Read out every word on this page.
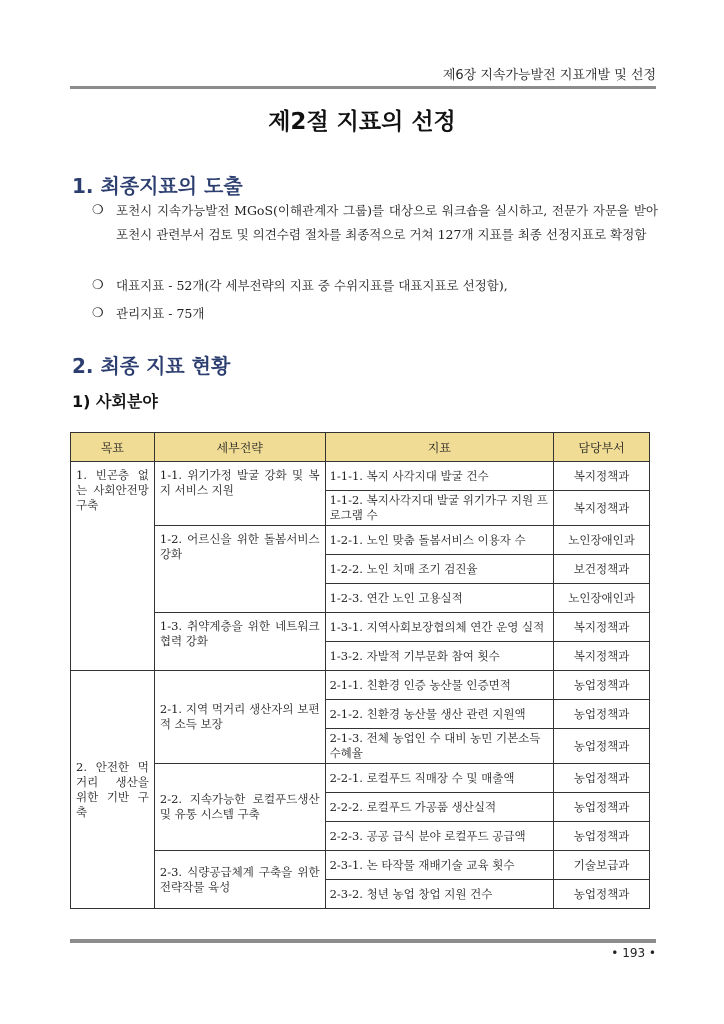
제6장 지속가능발전 지표개발 및 선정
제2절 지표의 선정
1. 최종지표의 도출
❍ 포천시 지속가능발전 MGoS(이해관계자 그룹)를 대상으로 워크숍을 실시하고, 전문가 자문을 받아 포천시 관련부서 검토 및 의견수렴 절차를 최종적으로 거쳐 127개 지표를 최종 선정지표로 확정함
❍ 대표지표 - 52개(각 세부전략의 지표 중 수위지표를 대표지표로 선정함),
❍ 관리지표 - 75개
2. 최종 지표 현황
1) 사회분야
목표	세부전략	지표	담당부서
1. 빈곤층 없는 사회안전망 구축	1-1. 위기가정 발굴 강화 및 복지 서비스 지원	1-1-1. 복지 사각지대 발굴 건수	복지정책과
		1-1-2. 복지사각지대 발굴 위기가구 지원 프로그램 수	복지정책과
	1-2. 어르신을 위한 돌봄서비스 강화	1-2-1. 노인 맞춤 돌봄서비스 이용자 수	노인장애인과
		1-2-2. 노인 치매 조기 검진율	보건정책과
		1-2-3. 연간 노인 고용실적	노인장애인과
	1-3. 취약계층을 위한 네트워크 협력 강화	1-3-1. 지역사회보장협의체 연간 운영 실적	복지정책과
		1-3-2. 자발적 기부문화 참여 횟수	복지정책과
2. 안전한 먹거리 생산을 위한 기반 구축	2-1. 지역 먹거리 생산자의 보편적 소득 보장	2-1-1. 친환경 인증 농산물 인증면적	농업정책과
		2-1-2. 친환경 농산물 생산 관련 지원액	농업정책과
		2-1-3. 전체 농업인 수 대비 농민 기본소득 수혜율	농업정책과
	2-2. 지속가능한 로컬푸드생산 및 유통 시스템 구축	2-2-1. 로컬푸드 직매장 수 및 매출액	농업정책과
		2-2-2. 로컬푸드 가공품 생산실적	농업정책과
		2-2-3. 공공 급식 분야 로컬푸드 공급액	농업정책과
	2-3. 식량공급체계 구축을 위한 전략작물 육성	2-3-1. 논 타작물 재배기술 교육 횟수	기술보급과
		2-3-2. 청년 농업 창업 지원 건수	농업정책과
• 193 •
